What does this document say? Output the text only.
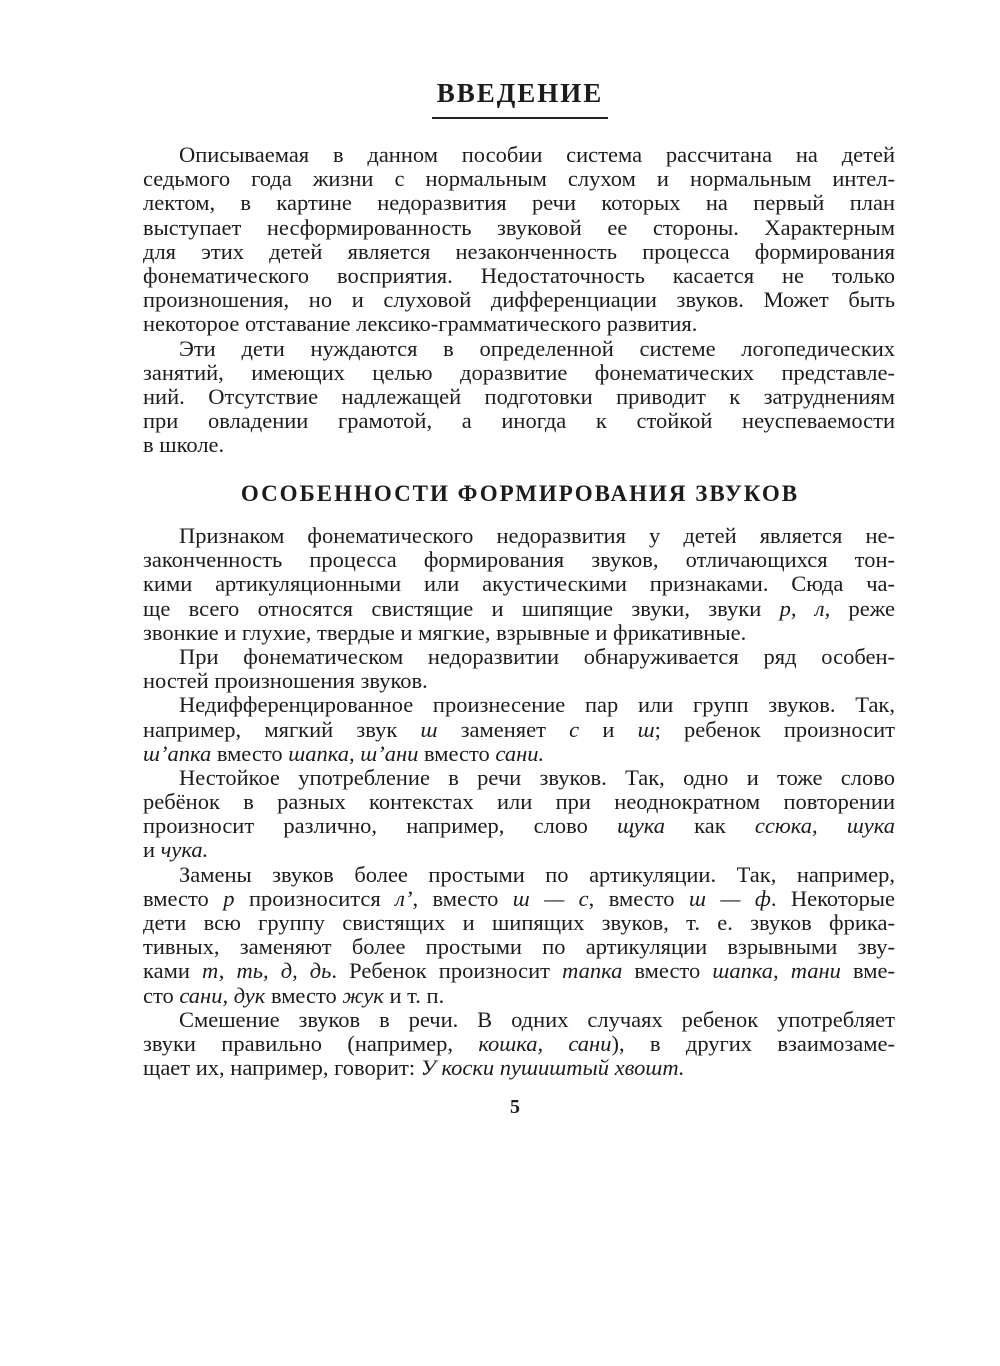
ВВЕДЕНИЕ
Описываемая в данном пособии система рассчитана на детей
седьмого года жизни с нормальным слухом и нормальным интел-
лектом, в картине недоразвития речи которых на первый план
выступает несформированность звуковой ее стороны. Характерным
для этих детей является незаконченность процесса формирования
фонематического восприятия. Недостаточность касается не только
произношения, но и слуховой дифференциации звуков. Может быть
некоторое отставание лексико-грамматического развития.
Эти дети нуждаются в определенной системе логопедических
занятий, имеющих целью доразвитие фонематических представле-
ний. Отсутствие надлежащей подготовки приводит к затруднениям
при овладении грамотой, а иногда к стойкой неуспеваемости
в школе.
ОСОБЕННОСТИ ФОРМИРОВАНИЯ ЗВУКОВ
Признаком фонематического недоразвития у детей является не-
законченность процесса формирования звуков, отличающихся тон-
кими артикуляционными или акустическими признаками. Сюда ча-
ще всего относятся свистящие и шипящие звуки, звуки р, л, реже
звонкие и глухие, твердые и мягкие, взрывные и фрикативные.
При фонематическом недоразвитии обнаруживается ряд особен-
ностей произношения звуков.
Недифференцированное произнесение пар или групп звуков. Так,
например, мягкий звук ш заменяет с и ш; ребенок произносит
ш’апка вместо шапка, ш’ани вместо сани.
Нестойкое употребление в речи звуков. Так, одно и тоже слово
ребёнок в разных контекстах или при неоднократном повторении
произносит различно, например, слово щука как ссюка, шука
и чука.
Замены звуков более простыми по артикуляции. Так, например,
вместо р произносится л’, вместо ш — с, вместо ш — ф. Некоторые
дети всю группу свистящих и шипящих звуков, т. е. звуков фрика-
тивных, заменяют более простыми по артикуляции взрывными зву-
ками т, ть, д, дь. Ребенок произносит тапка вместо шапка, тани вме-
сто сани, дук вместо жук и т. п.
Смешение звуков в речи. В одних случаях ребенок употребляет
звуки правильно (например, кошка, сани), в других взаимозаме-
щает их, например, говорит: У коски пушиштый хвошт.
5
